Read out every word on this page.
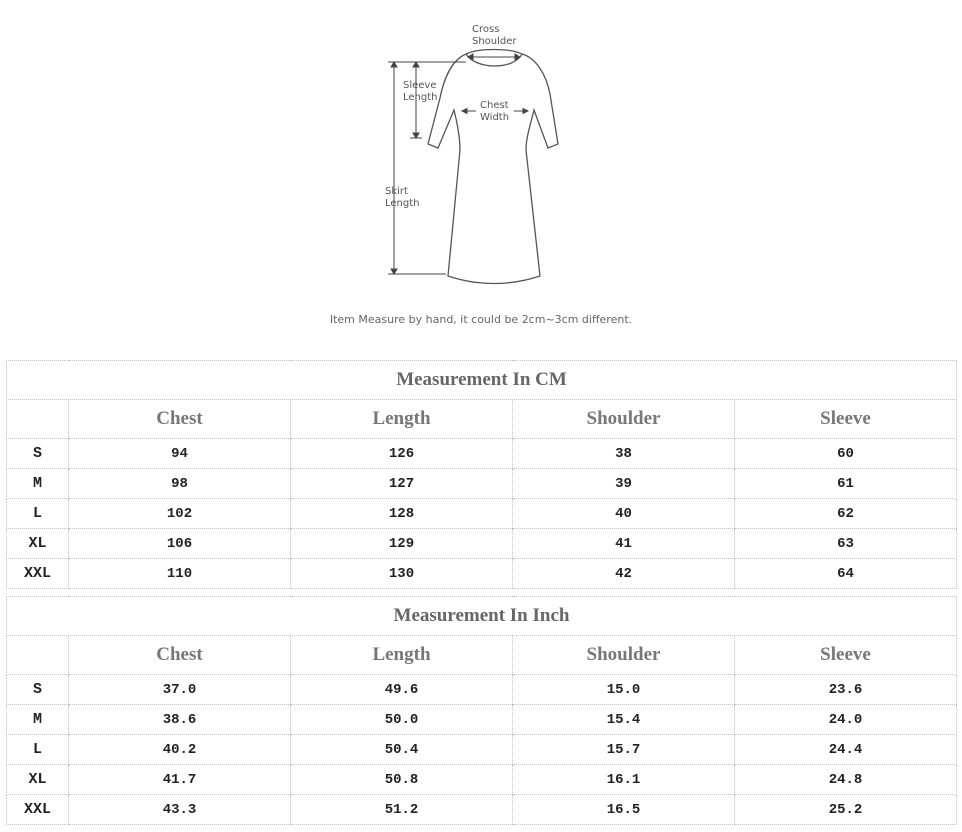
Cross
Shoulder
Sleeve
Length
Chest
Width
Skirt
Length
Item Measure by hand, it could be 2cm~3cm different.
Measurement In CM				
	Chest	Length	Shoulder	Sleeve
S	94	126	38	60
M	98	127	39	61
L	102	128	40	62
XL	106	129	41	63
XXL	110	130	42	64
Measurement In Inch				
	Chest	Length	Shoulder	Sleeve
S	37.0	49.6	15.0	23.6
M	38.6	50.0	15.4	24.0
L	40.2	50.4	15.7	24.4
XL	41.7	50.8	16.1	24.8
XXL	43.3	51.2	16.5	25.2
